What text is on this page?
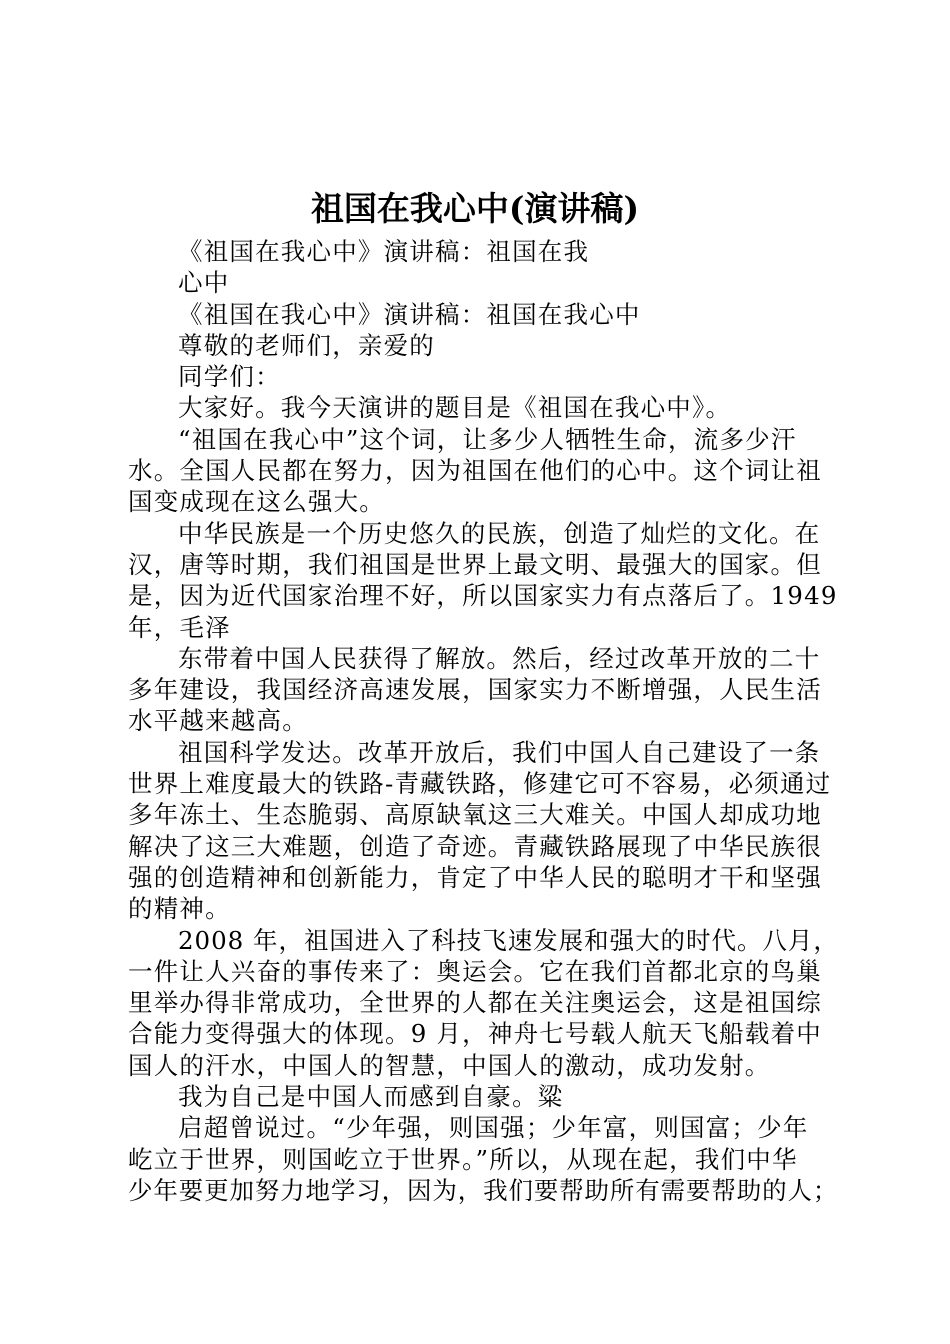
祖国在我心中(演讲稿)

《祖国在我心中》演讲稿：祖国在我

心中

《祖国在我心中》演讲稿：祖国在我心中

尊敬的老师们，亲爱的

同学们：

大家好。我今天演讲的题目是《祖国在我心中》。

“祖国在我心中”这个词，让多少人牺牲生命，流多少汗

水。全国人民都在努力，因为祖国在他们的心中。这个词让祖

国变成现在这么强大。

中华民族是一个历史悠久的民族，创造了灿烂的文化。在

汉，唐等时期，我们祖国是世界上最文明、最强大的国家。但

是，因为近代国家治理不好，所以国家实力有点落后了。1949

年，毛泽

东带着中国人民获得了解放。然后，经过改革开放的二十

多年建设，我国经济高速发展，国家实力不断增强，人民生活

水平越来越高。

祖国科学发达。改革开放后，我们中国人自己建设了一条

世界上难度最大的铁路-青藏铁路，修建它可不容易，必须通过

多年冻土、生态脆弱、高原缺氧这三大难关。中国人却成功地

解决了这三大难题，创造了奇迹。青藏铁路展现了中华民族很

强的创造精神和创新能力，肯定了中华人民的聪明才干和坚强

的精神。

2008 年，祖国进入了科技飞速发展和强大的时代。八月，

一件让人兴奋的事传来了：奥运会。它在我们首都北京的鸟巢

里举办得非常成功，全世界的人都在关注奥运会，这是祖国综

合能力变得强大的体现。9 月，神舟七号载人航天飞船载着中

国人的汗水，中国人的智慧，中国人的激动，成功发射。

我为自己是中国人而感到自豪。粱

启超曾说过。“少年强，则国强；少年富，则国富；少年

屹立于世界，则国屹立于世界。”所以，从现在起，我们中华

少年要更加努力地学习，因为，我们要帮助所有需要帮助的人；
